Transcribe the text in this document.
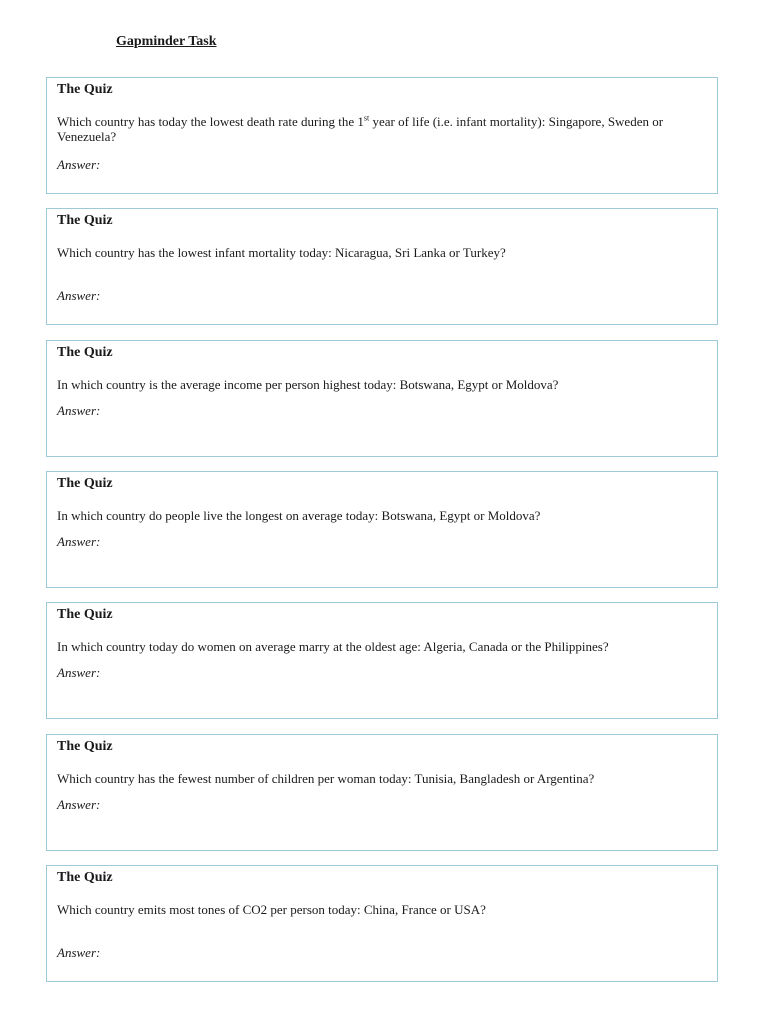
Gapminder Task

The Quiz

Which country has today the lowest death rate during the 1st year of life (i.e. infant mortality): Singapore, Sweden or Venezuela?

Answer:

The Quiz

Which country has the lowest infant mortality today: Nicaragua, Sri Lanka or Turkey?

Answer:

The Quiz

In which country is the average income per person highest today: Botswana, Egypt or Moldova?

Answer:

The Quiz

In which country do people live the longest on average today: Botswana, Egypt or Moldova?

Answer:

The Quiz

In which country today do women on average marry at the oldest age: Algeria, Canada or the Philippines?

Answer:

The Quiz

Which country has the fewest number of children per woman today: Tunisia, Bangladesh or Argentina?

Answer:

The Quiz

Which country emits most tones of CO2 per person today: China, France or USA?

Answer:
